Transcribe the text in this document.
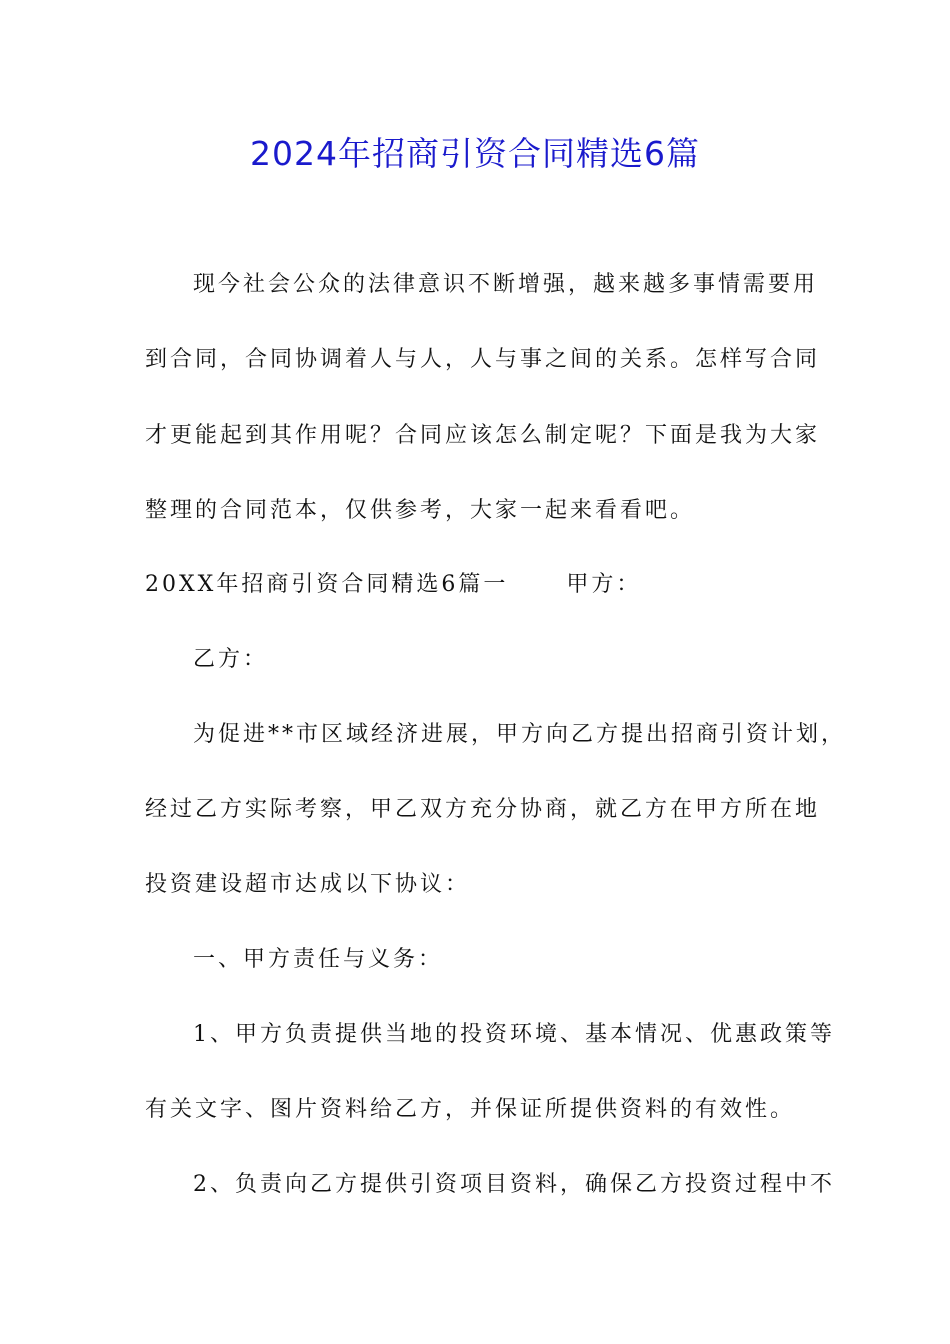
2024年招商引资合同精选6篇
现今社会公众的法律意识不断增强，越来越多事情需要用
到合同，合同协调着人与人，人与事之间的关系。怎样写合同
才更能起到其作用呢？合同应该怎么制定呢？下面是我为大家
整理的合同范本，仅供参考，大家一起来看看吧。
20XX年招商引资合同精选6篇一	甲方：
乙方：
为促进**市区域经济进展，甲方向乙方提出招商引资计划，
经过乙方实际考察，甲乙双方充分协商，就乙方在甲方所在地
投资建设超市达成以下协议：
一、甲方责任与义务：
1、甲方负责提供当地的投资环境、基本情况、优惠政策等
有关文字、图片资料给乙方，并保证所提供资料的有效性。
2、负责向乙方提供引资项目资料，确保乙方投资过程中不
